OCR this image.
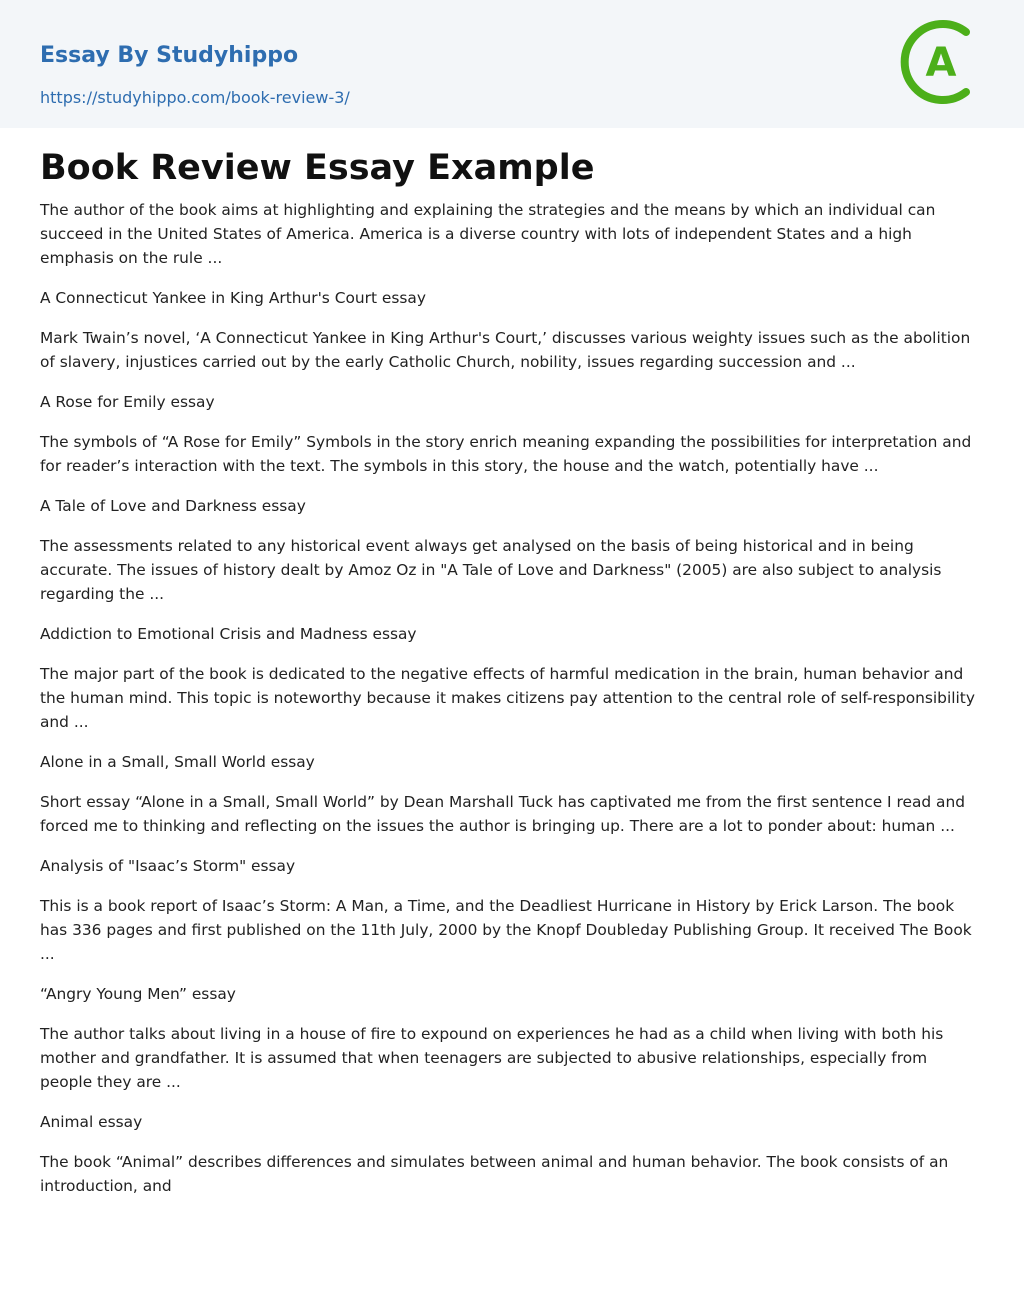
Essay By Studyhippo
https://studyhippo.com/book-review-3/
A
Book Review Essay Example

The author of the book aims at highlighting and explaining the strategies and the means by which an individual can succeed in the United States of America. America is a diverse country with lots of independent States and a high emphasis on the rule ...

A Connecticut Yankee in King Arthur's Court essay

Mark Twain’s novel, ‘A Connecticut Yankee in King Arthur's Court,’ discusses various weighty issues such as the abolition of slavery, injustices carried out by the early Catholic Church, nobility, issues regarding succession and ...

A Rose for Emily essay

The symbols of “A Rose for Emily” Symbols in the story enrich meaning expanding the possibilities for interpretation and for reader’s interaction with the text. The symbols in this story, the house and the watch, potentially have ...

A Tale of Love and Darkness essay

The assessments related to any historical event always get analysed on the basis of being historical and in being accurate. The issues of history dealt by Amoz Oz in "A Tale of Love and Darkness" (2005) are also subject to analysis regarding the ...

Addiction to Emotional Crisis and Madness essay

The major part of the book is dedicated to the negative effects of harmful medication in the brain, human behavior and the human mind. This topic is noteworthy because it makes citizens pay attention to the central role of self-responsibility and ...

Alone in a Small, Small World essay

Short essay “Alone in a Small, Small World” by Dean Marshall Tuck has captivated me from the first sentence I read and forced me to thinking and reflecting on the issues the author is bringing up. There are a lot to ponder about: human ...

Analysis of "Isaac’s Storm" essay

This is a book report of Isaac’s Storm: A Man, a Time, and the Deadliest Hurricane in History by Erick Larson. The book has 336 pages and first published on the 11th July, 2000 by the Knopf Doubleday Publishing Group. It received The Book ...

“Angry Young Men” essay

The author talks about living in a house of fire to expound on experiences he had as a child when living with both his mother and grandfather. It is assumed that when teenagers are subjected to abusive relationships, especially from people they are ...

Animal essay

The book “Animal” describes differences and simulates between animal and human behavior. The book consists of an introduction, and
